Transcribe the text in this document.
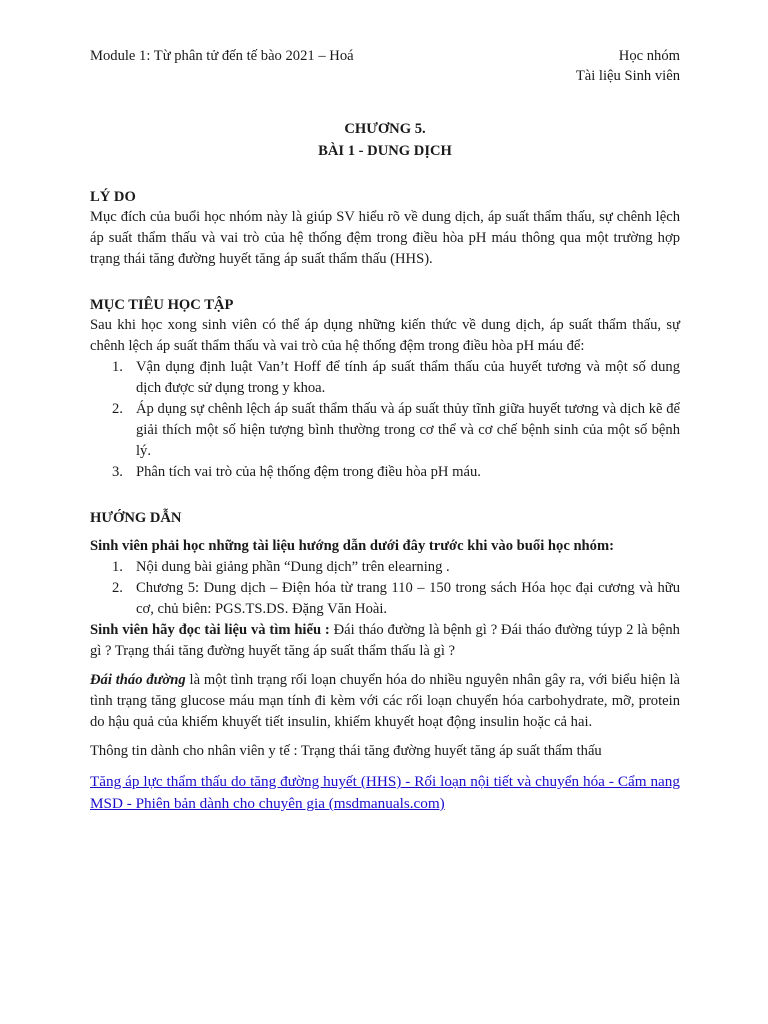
Module 1: Từ phân tử đến tế bào 2021 – Hoá	Học nhóm
Tài liệu Sinh viên
CHƯƠNG 5.
BÀI 1 - DUNG DỊCH
LÝ DO
Mục đích của buổi học nhóm này là giúp SV hiểu rõ về dung dịch, áp suất thẩm thấu, sự chênh lệch áp suất thẩm thấu và vai trò của hệ thống đệm trong điều hòa pH máu thông qua một trường hợp trạng thái tăng đường huyết tăng áp suất thẩm thấu (HHS).
MỤC TIÊU HỌC TẬP
Sau khi học xong sinh viên có thể áp dụng những kiến thức về dung dịch, áp suất thẩm thấu, sự chênh lệch áp suất thẩm thấu và vai trò của hệ thống đệm trong điều hòa pH máu để:
1. Vận dụng định luật Van’t Hoff để tính áp suất thẩm thấu của huyết tương và một số dung dịch được sử dụng trong y khoa.
2. Áp dụng sự chênh lệch áp suất thẩm thấu và áp suất thủy tĩnh giữa huyết tương và dịch kẽ để giải thích một số hiện tượng bình thường trong cơ thể và cơ chế bệnh sinh của một số bệnh lý.
3. Phân tích vai trò của hệ thống đệm trong điều hòa pH máu.
HƯỚNG DẪN
Sinh viên phải học những tài liệu hướng dẫn dưới đây trước khi vào buổi học nhóm:
1. Nội dung bài giảng phần “Dung dịch” trên elearning .
2. Chương 5: Dung dịch – Điện hóa từ trang 110 – 150 trong sách Hóa học đại cương và hữu cơ, chủ biên: PGS.TS.DS. Đặng Văn Hoài.
Sinh viên hãy đọc tài liệu và tìm hiểu : Đái tháo đường là bệnh gì ? Đái tháo đường túyp 2 là bệnh gì ? Trạng thái tăng đường huyết tăng áp suất thẩm thấu là gì ?
Đái tháo đường là một tình trạng rối loạn chuyển hóa do nhiều nguyên nhân gây ra, với biểu hiện là tình trạng tăng glucose máu mạn tính đi kèm với các rối loạn chuyển hóa carbohydrate, mỡ, protein do hậu quả của khiếm khuyết tiết insulin, khiếm khuyết hoạt động insulin hoặc cả hai.
Thông tin dành cho nhân viên y tế : Trạng thái tăng đường huyết tăng áp suất thẩm thấu
Tăng áp lực thẩm thấu do tăng đường huyết (HHS) - Rối loạn nội tiết và chuyển hóa - Cẩm nang MSD - Phiên bản dành cho chuyên gia (msdmanuals.com)
